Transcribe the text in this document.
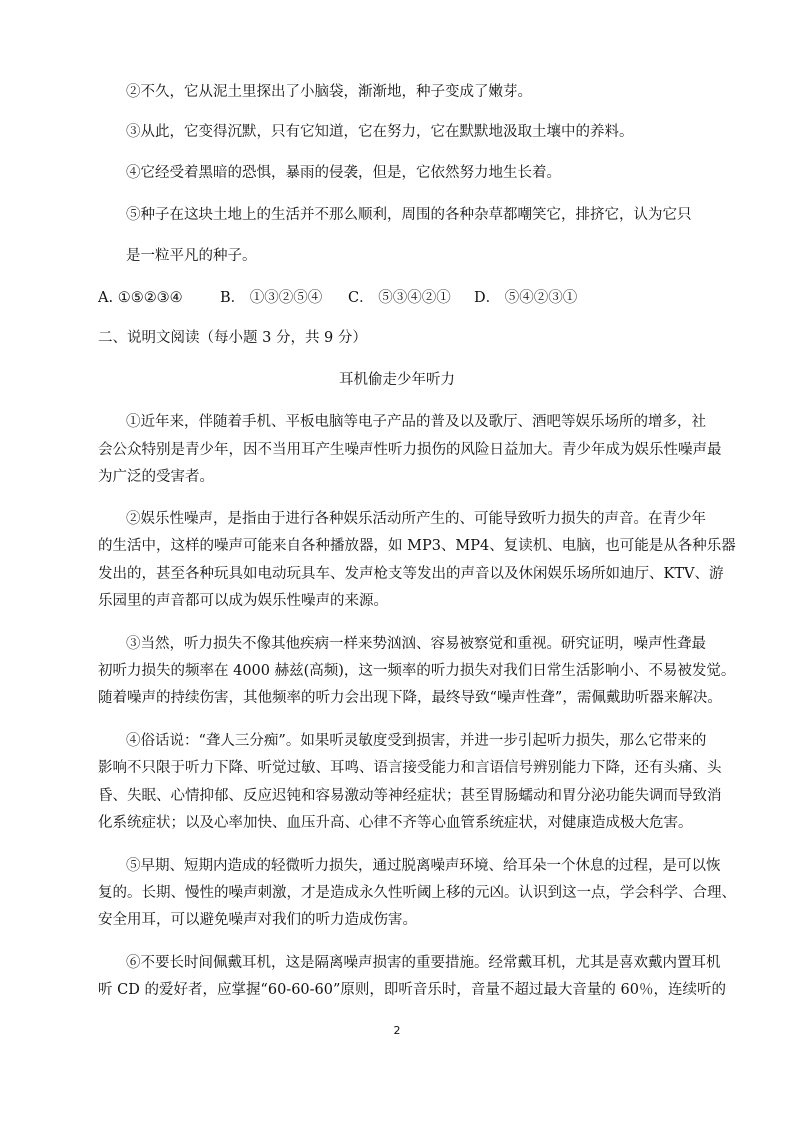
②不久，它从泥土里探出了小脑袋，渐渐地，种子变成了嫩芽。
③从此，它变得沉默，只有它知道，它在努力，它在默默地汲取土壤中的养料。
④它经受着黑暗的恐惧，暴雨的侵袭，但是，它依然努力地生长着。
⑤种子在这块土地上的生活并不那么顺利，周围的各种杂草都嘲笑它，排挤它，认为它只
是一粒平凡的种子。
A. ①⑤②③④	B． ①③②⑤④ C． ⑤③④②① D． ⑤④②③①
二、说明文阅读（每小题 3 分，共 9 分）
耳机偷走少年听力
①近年来，伴随着手机、平板电脑等电子产品的普及以及歌厅、酒吧等娱乐场所的增多，社
会公众特别是青少年，因不当用耳产生噪声性听力损伤的风险日益加大。青少年成为娱乐性噪声最
为广泛的受害者。
②娱乐性噪声，是指由于进行各种娱乐活动所产生的、可能导致听力损失的声音。在青少年
的生活中，这样的噪声可能来自各种播放器，如 MP3、MP4、复读机、电脑，也可能是从各种乐器
发出的，甚至各种玩具如电动玩具车、发声枪支等发出的声音以及休闲娱乐场所如迪厅、KTV、游
乐园里的声音都可以成为娱乐性噪声的来源。
③当然，听力损失不像其他疾病一样来势汹汹、容易被察觉和重视。研究证明，噪声性聋最
初听力损失的频率在 4000 赫兹(高频)，这一频率的听力损失对我们日常生活影响小、不易被发觉。
随着噪声的持续伤害，其他频率的听力会出现下降，最终导致“噪声性聋”，需佩戴助听器来解决。
④俗话说：“聋人三分痴”。如果听灵敏度受到损害，并进一步引起听力损失，那么它带来的
影响不只限于听力下降、听觉过敏、耳鸣、语言接受能力和言语信号辨别能力下降，还有头痛、头
昏、失眠、心情抑郁、反应迟钝和容易激动等神经症状；甚至胃肠蠕动和胃分泌功能失调而导致消
化系统症状；以及心率加快、血压升高、心律不齐等心血管系统症状，对健康造成极大危害。
⑤早期、短期内造成的轻微听力损失，通过脱离噪声环境、给耳朵一个休息的过程，是可以恢
复的。长期、慢性的噪声刺激，才是造成永久性听阈上移的元凶。认识到这一点，学会科学、合理、
安全用耳，可以避免噪声对我们的听力造成伤害。
⑥不要长时间佩戴耳机，这是隔离噪声损害的重要措施。经常戴耳机，尤其是喜欢戴内置耳机
听 CD 的爱好者，应掌握“60-60-60”原则，即听音乐时，音量不超过最大音量的 60％，连续听的
2
